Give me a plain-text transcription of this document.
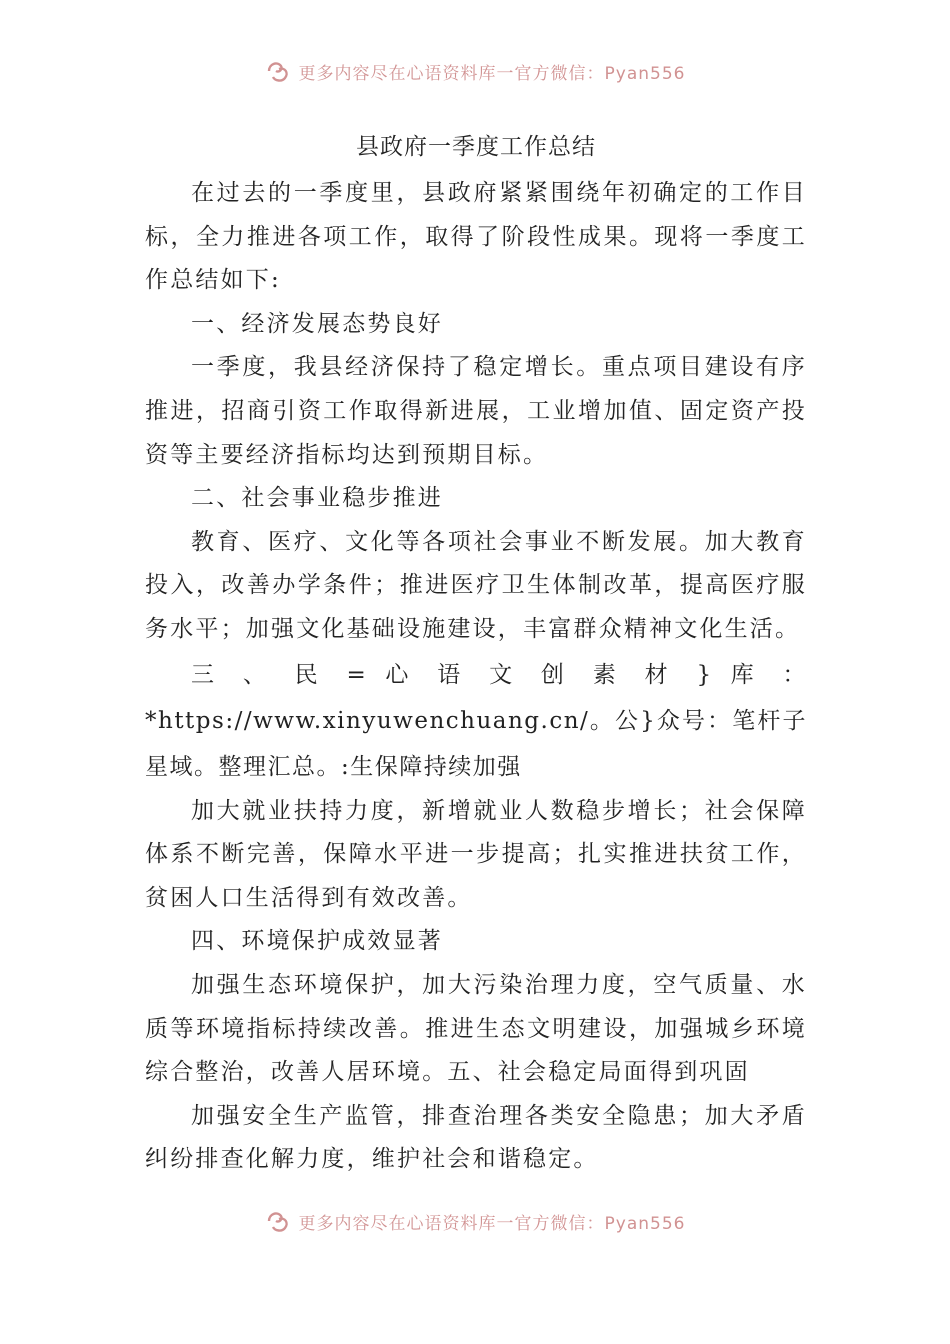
更多内容尽在心语资料库一官方微信：Pyan556
县政府一季度工作总结

在过去的一季度里，县政府紧紧围绕年初确定的工作目标，全力推进各项工作，取得了阶段性成果。现将一季度工作总结如下:

一、经济发展态势良好

一季度，我县经济保持了稳定增长。重点项目建设有序推进，招商引资工作取得新进展，工业增加值、固定资产投资等主要经济指标均达到预期目标。

二、社会事业稳步推进

教育、医疗、文化等各项社会事业不断发展。加大教育投入，改善办学条件；推进医疗卫生体制改革，提高医疗服务水平；加强文化基础设施建设，丰富群众精神文化生活。

三 、 民 = 心 语 文 创 素 材 } 库 ： *https://www.xinyuwenchuang.cn/。公}众号：笔杆子星域。整理汇总。:生保障持续加强

加大就业扶持力度，新增就业人数稳步增长；社会保障体系不断完善，保障水平进一步提高；扎实推进扶贫工作，贫困人口生活得到有效改善。

四、环境保护成效显著

加强生态环境保护，加大污染治理力度，空气质量、水质等环境指标持续改善。推进生态文明建设，加强城乡环境综合整治，改善人居环境。五、社会稳定局面得到巩固

加强安全生产监管，排查治理各类安全隐患；加大矛盾纠纷排查化解力度，维护社会和谐稳定。

更多内容尽在心语资料库一官方微信：Pyan556
